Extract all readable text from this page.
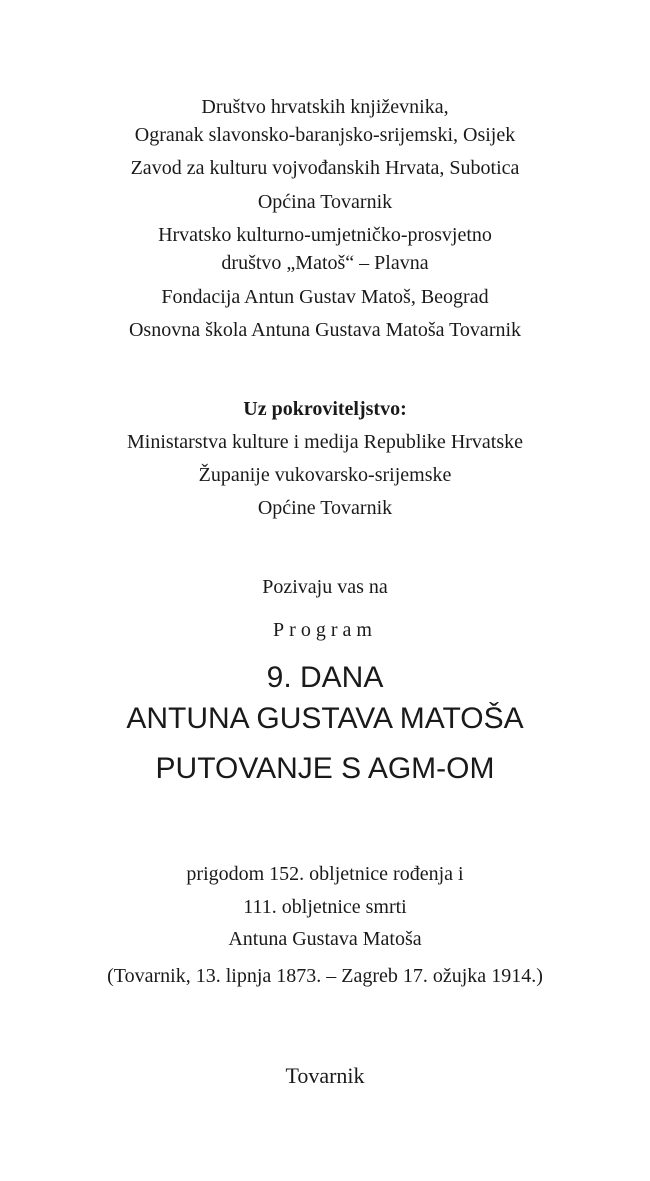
Društvo hrvatskih književnika,
Ogranak slavonsko-baranjsko-srijemski, Osijek
Zavod za kulturu vojvođanskih Hrvata, Subotica
Općina Tovarnik
Hrvatsko kulturno-umjetničko-prosvjetno
društvo „Matoš“ – Plavna
Fondacija Antun Gustav Matoš, Beograd
Osnovna škola Antuna Gustava Matoša Tovarnik
Uz pokroviteljstvo:
Ministarstva kulture i medija Republike Hrvatske
Županije vukovarsko-srijemske
Općine Tovarnik
Pozivaju vas na
Program
9. DANA
ANTUNA GUSTAVA MATOŠA
PUTOVANJE S AGM-OM
prigodom 152. obljetnice rođenja i
111. obljetnice smrti
Antuna Gustava Matoša
(Tovarnik, 13. lipnja 1873. – Zagreb 17. ožujka 1914.)
Tovarnik
